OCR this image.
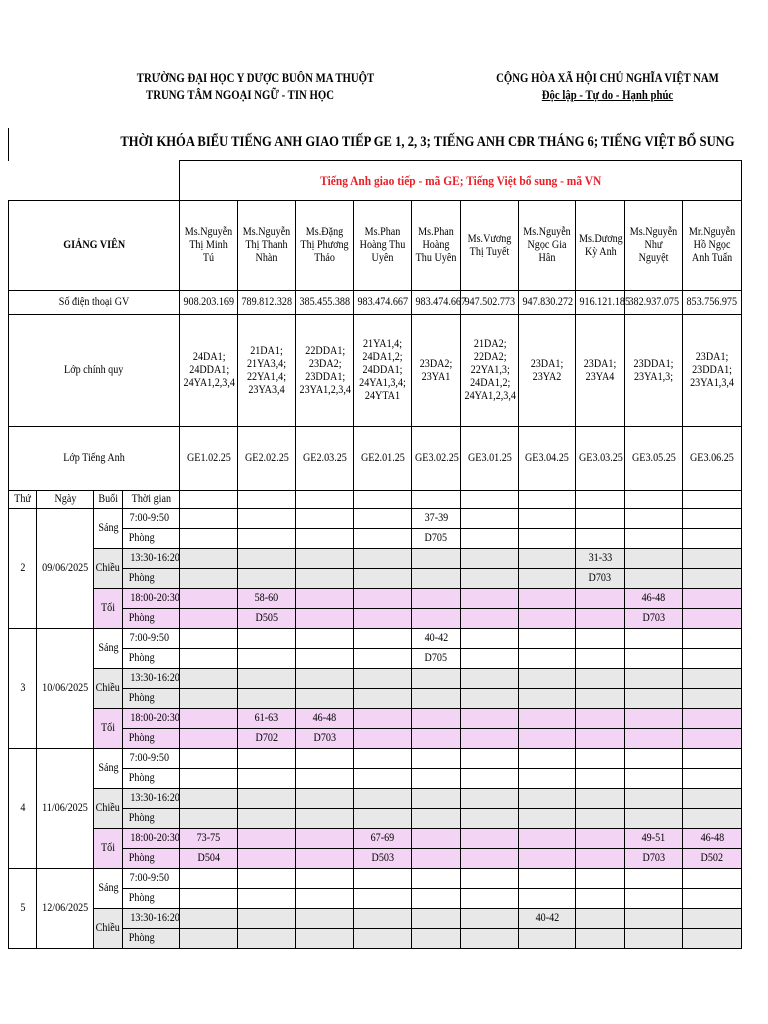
TRƯỜNG ĐẠI HỌC Y DƯỢC BUÔN MA THUỘT
TRUNG TÂM NGOẠI NGỮ - TIN HỌC
CỘNG HÒA XÃ HỘI CHỦ NGHĨA VIỆT NAM
Độc lập - Tự do - Hạnh phúc
THỜI KHÓA BIỂU TIẾNG ANH GIAO TIẾP GE 1, 2, 3; TIẾNG ANH CĐR THÁNG 6; TIẾNG VIỆT BỔ SUNG
				Tiếng Anh giao tiếp - mã GE; Tiếng Việt bổ sung - mã VN									
GIẢNG VIÊN				Ms.Nguyễn Thị Minh Tú	Ms.Nguyễn Thị Thanh Nhàn	Ms.Đặng Thị Phương Thảo	Ms.Phan Hoàng Thu Uyên	Ms.Phan Hoàng Thu Uyên	Ms.Vương Thị Tuyết	Ms.Nguyễn Ngọc Gia Hân	Ms.Dương Kỳ Anh	Ms.Nguyễn Như Nguyệt	Mr.Nguyễn Hồ Ngọc Anh Tuấn
Số điện thoại GV				908.203.169	789.812.328	385.455.388	983.474.667	983.474.667	947.502.773	947.830.272	916.121.185	382.937.075	853.756.975
Lớp chính quy				24DA1; 24DDA1; 24YA1,2,3,4	21DA1; 21YA3,4; 22YA1,4; 23YA3,4	22DDA1; 23DA2; 23DDA1; 23YA1,2,3,4	21YA1,4; 24DA1,2; 24DDA1; 24YA1,3,4; 24YTA1	23DA2; 23YA1	21DA2; 22DA2; 22YA1,3; 24DA1,2; 24YA1,2,3,4	23DA1; 23YA2	23DA1; 23YA4	23DDA1; 23YA1,3;	23DA1; 23DDA1; 23YA1,3,4
Lớp Tiếng Anh				GE1.02.25	GE2.02.25	GE2.03.25	GE2.01.25	GE3.02.25	GE3.01.25	GE3.04.25	GE3.03.25	GE3.05.25	GE3.06.25
Thứ	Ngày	Buổi	Thời gian										
2	09/06/2025	Sáng	7:00-9:50					37-39					
			Phòng					D705					
		Chiều	13:30-16:20								31-33		
			Phòng								D703		
		Tối	18:00-20:30		58-60							46-48	
			Phòng		D505							D703	
3	10/06/2025	Sáng	7:00-9:50					40-42					
			Phòng					D705					
		Chiều	13:30-16:20										
			Phòng										
		Tối	18:00-20:30		61-63	46-48							
			Phòng		D702	D703							
4	11/06/2025	Sáng	7:00-9:50										
			Phòng										
		Chiều	13:30-16:20										
			Phòng										
		Tối	18:00-20:30	73-75			67-69					49-51	46-48
			Phòng	D504			D503					D703	D502
5	12/06/2025	Sáng	7:00-9:50										
			Phòng										
		Chiều	13:30-16:20							40-42			
			Phòng										
